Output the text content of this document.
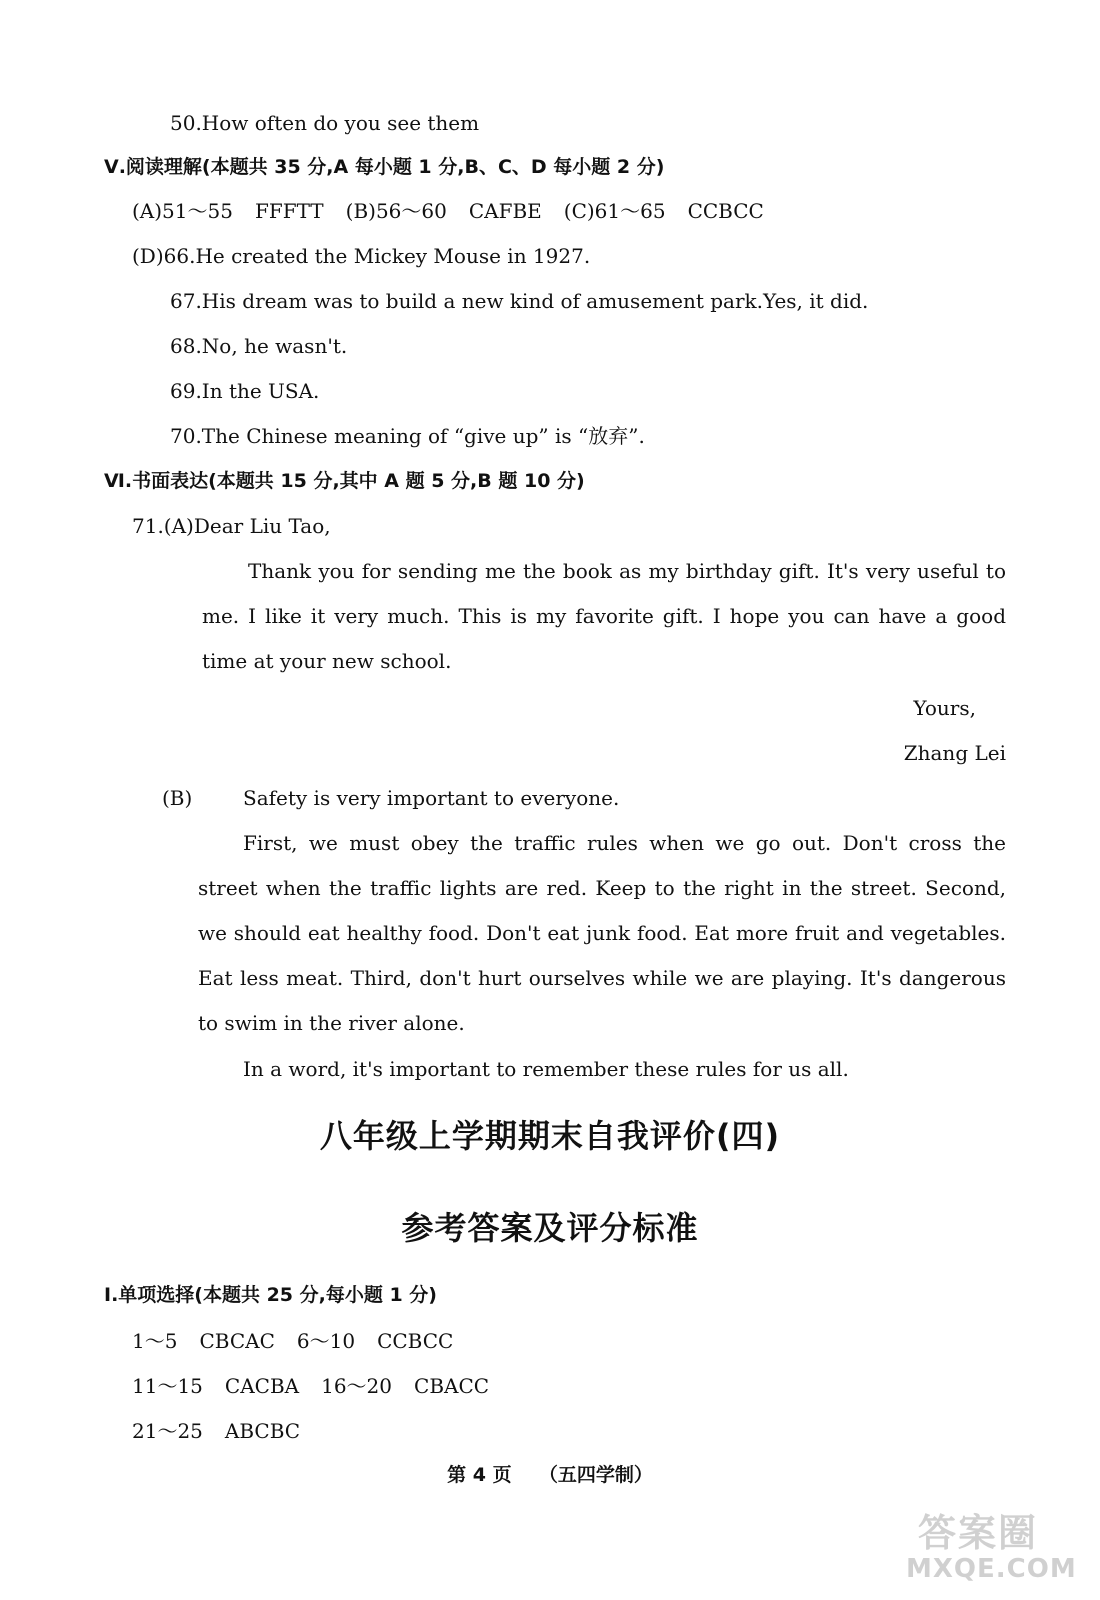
50.How often do you see them
Ⅴ.阅读理解(本题共 35 分,A 每小题 1 分,B、C、D 每小题 2 分)
(A)51～55 FFFTT (B)56～60 CAFBE (C)61～65 CCBCC
(D)66.He created the Mickey Mouse in 1927.
67.His dream was to build a new kind of amusement park.Yes, it did.
68.No, he wasn't.
69.In the USA.
70.The Chinese meaning of “give up” is “放弃”.
Ⅵ.书面表达(本题共 15 分,其中 A 题 5 分,B 题 10 分)
71.(A)Dear Liu Tao,
Thank you for sending me the book as my birthday gift. It's very useful to me. I like it very much. This is my favorite gift. I hope you can have a good time at your new school.
Yours,
Zhang Lei
(B)	Safety is very important to everyone.
First, we must obey the traffic rules when we go out. Don't cross the street when the traffic lights are red. Keep to the right in the street. Second, we should eat healthy food. Don't eat junk food. Eat more fruit and vegetables. Eat less meat. Third, don't hurt ourselves while we are playing. It's dangerous to swim in the river alone.
In a word, it's important to remember these rules for us all.
八年级上学期期末自我评价(四)
参考答案及评分标准
Ⅰ.单项选择(本题共 25 分,每小题 1 分)
1～5 CBCAC 6～10 CCBCC
11～15 CACBA 16～20 CBACC
21～25 ABCBC
第 4 页 （五四学制）
答案圈
MXQE.COM
